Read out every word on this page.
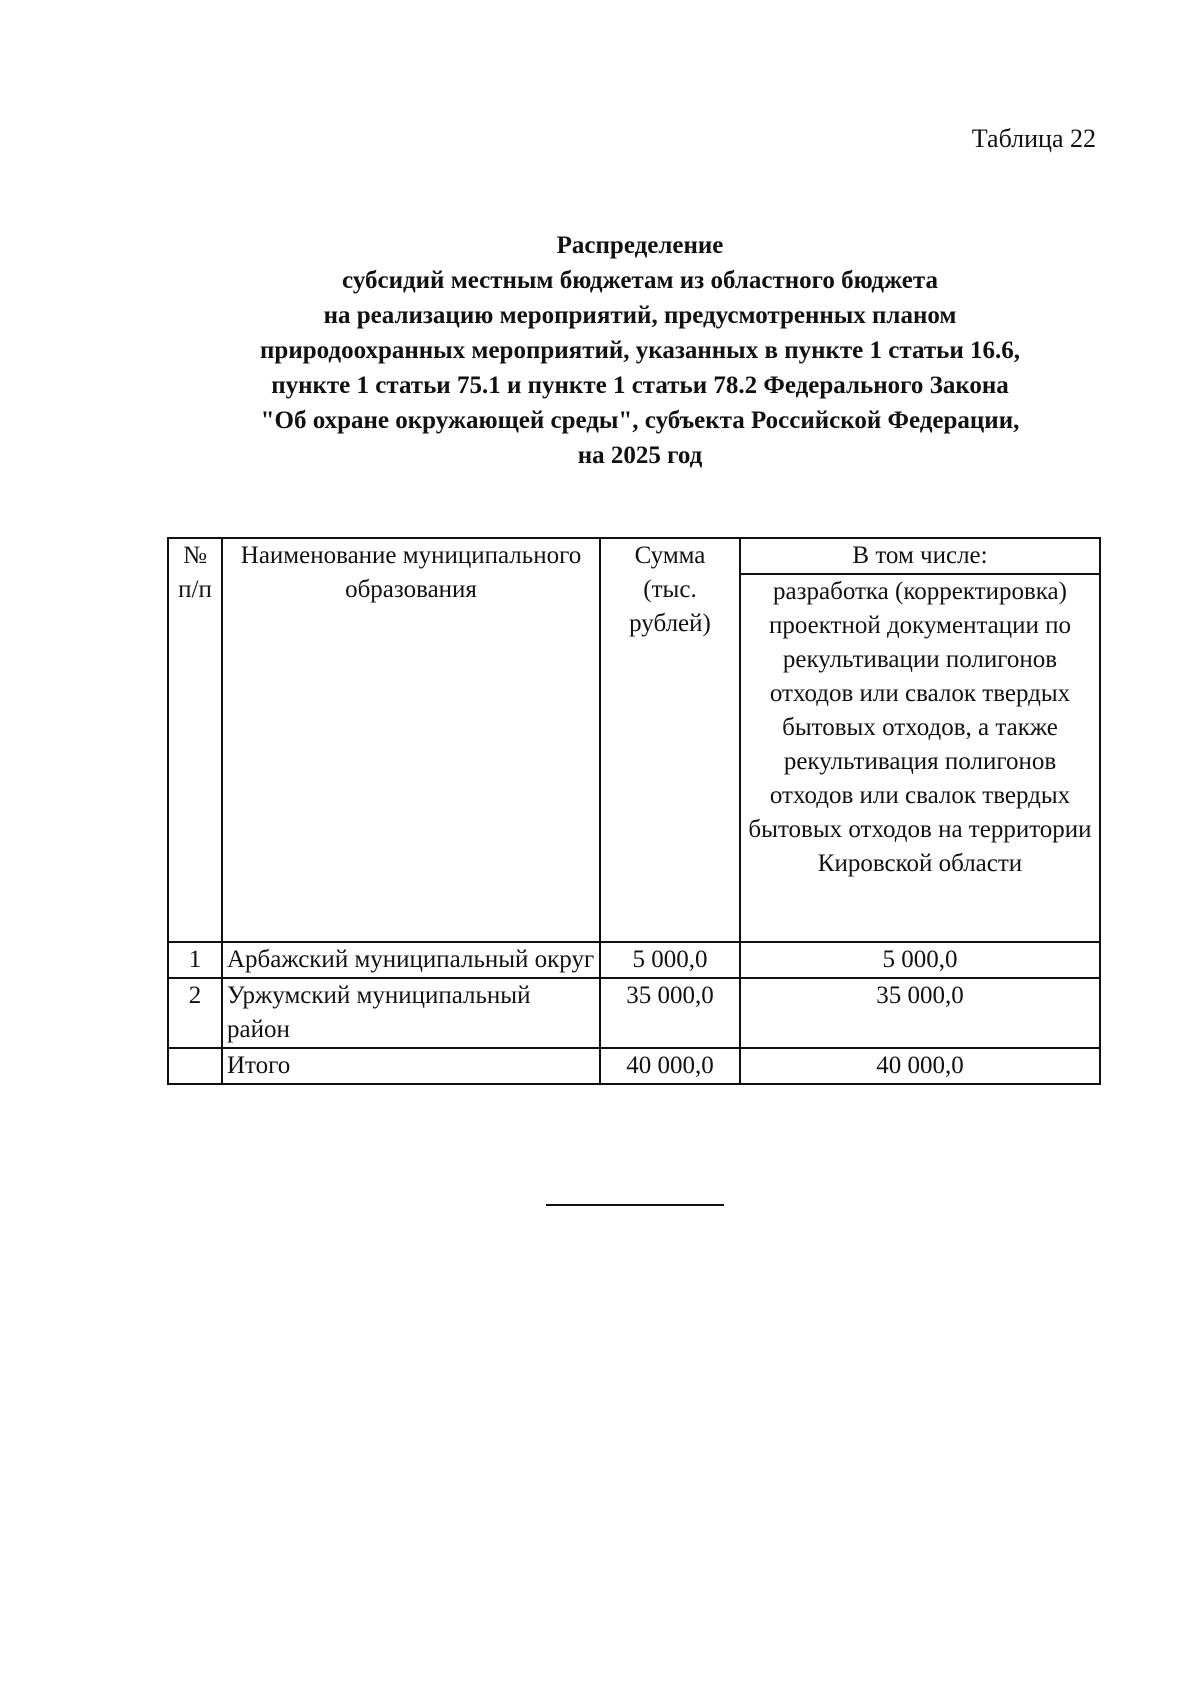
Таблица 22
Распределение
субсидий местным бюджетам из областного бюджета
на реализацию мероприятий, предусмотренных планом
природоохранных мероприятий, указанных в пункте 1 статьи 16.6,
пункте 1 статьи 75.1 и пункте 1 статьи 78.2 Федерального Закона
"Об охране окружающей среды", субъекта Российской Федерации,
на 2025 год
№ п/п	Наименование муниципального образования	Сумма (тыс. рублей)	В том числе:
			разработка (корректировка) проектной документации по рекультивации полигонов отходов или свалок твердых бытовых отходов, а также рекультивация полигонов отходов или свалок твердых бытовых отходов на территории Кировской области
1	Арбажский муниципальный округ	5 000,0	5 000,0
2	Уржумский муниципальный район	35 000,0	35 000,0
	Итого	40 000,0	40 000,0
